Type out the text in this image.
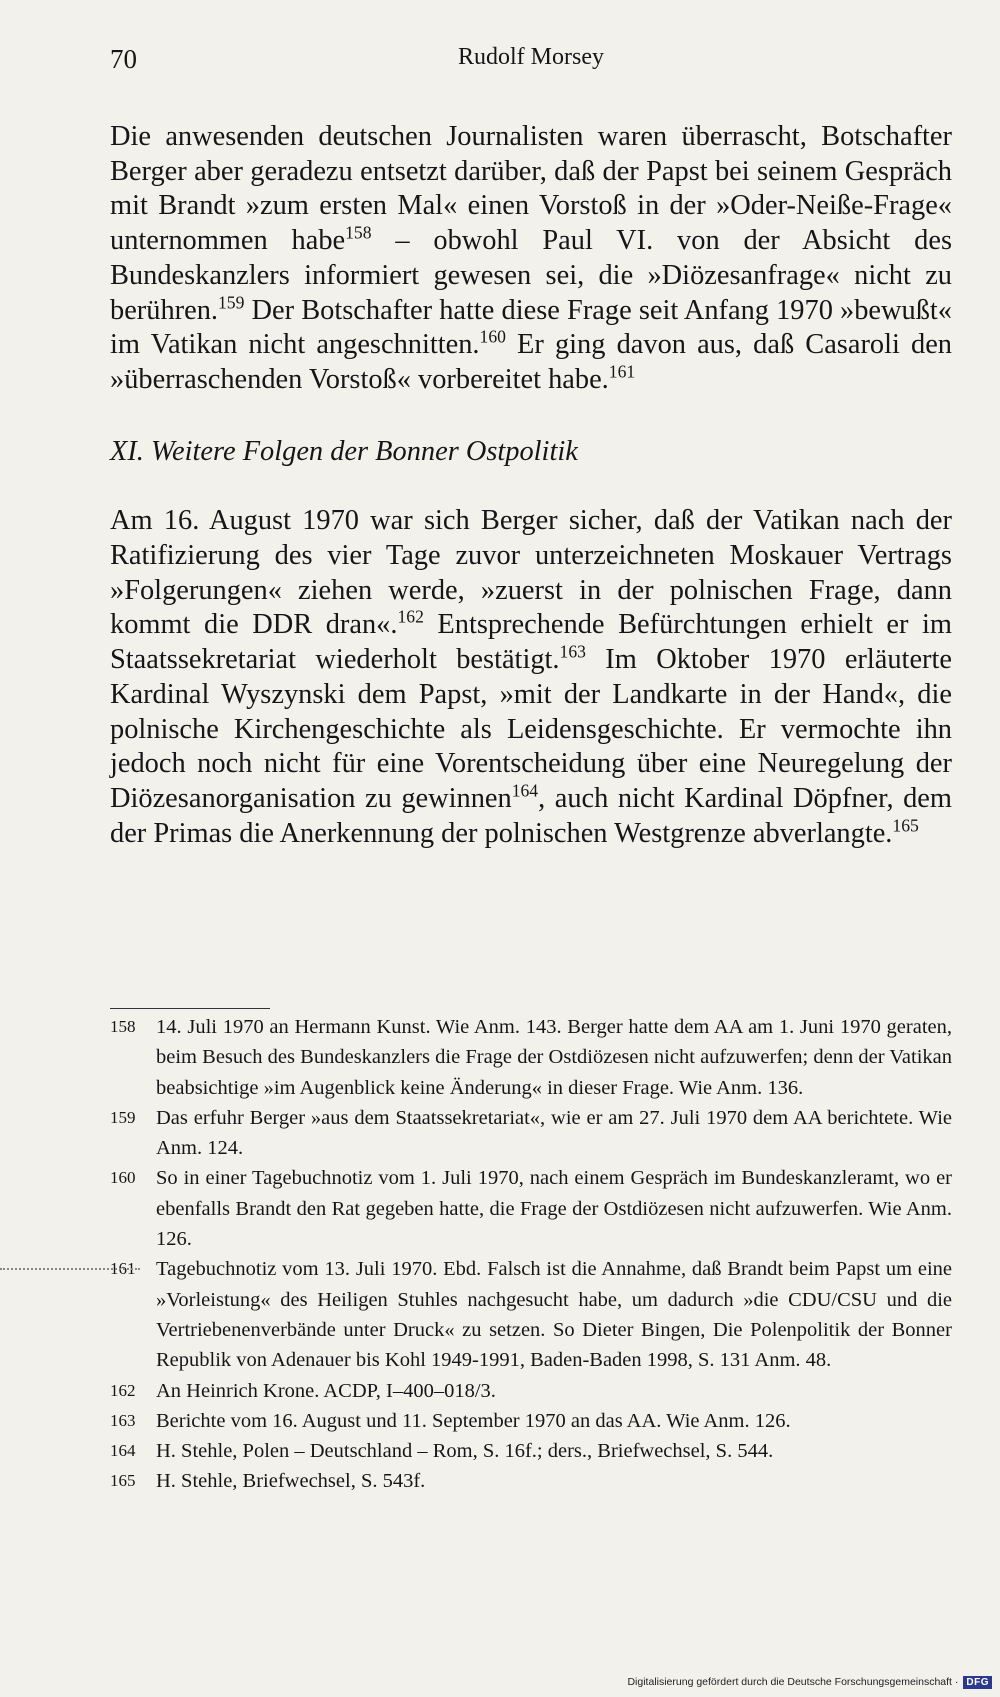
70	Rudolf Morsey

Die anwesenden deutschen Journalisten waren überrascht, Botschafter Berger aber geradezu entsetzt darüber, daß der Papst bei seinem Gespräch mit Brandt »zum ersten Mal« einen Vorstoß in der »Oder-Neiße-Frage« unternommen habe$^{158}$ – obwohl Paul VI. von der Absicht des Bundeskanzlers informiert gewesen sei, die »Diözesanfrage« nicht zu berühren.$^{159}$ Der Botschafter hatte diese Frage seit Anfang 1970 »bewußt« im Vatikan nicht angeschnitten.$^{160}$ Er ging davon aus, daß Casaroli den »überraschenden Vorstoß« vorbereitet habe.$^{161}$

XI. Weitere Folgen der Bonner Ostpolitik

Am 16. August 1970 war sich Berger sicher, daß der Vatikan nach der Ratifizierung des vier Tage zuvor unterzeichneten Moskauer Vertrags »Folgerungen« ziehen werde, »zuerst in der polnischen Frage, dann kommt die DDR dran«.$^{162}$ Entsprechende Befürchtungen erhielt er im Staatssekretariat wiederholt bestätigt.$^{163}$ Im Oktober 1970 erläuterte Kardinal Wyszynski dem Papst, »mit der Landkarte in der Hand«, die polnische Kirchengeschichte als Leidensgeschichte. Er vermochte ihn jedoch noch nicht für eine Vorentscheidung über eine Neuregelung der Diözesanorganisation zu gewinnen$^{164}$, auch nicht Kardinal Döpfner, dem der Primas die Anerkennung der polnischen Westgrenze abverlangte.$^{165}$

158 14. Juli 1970 an Hermann Kunst. Wie Anm. 143. Berger hatte dem AA am 1. Juni 1970 geraten, beim Besuch des Bundeskanzlers die Frage der Ostdiözesen nicht aufzuwerfen; denn der Vatikan beabsichtige »im Augenblick keine Änderung« in dieser Frage. Wie Anm. 136.
159 Das erfuhr Berger »aus dem Staatssekretariat«, wie er am 27. Juli 1970 dem AA berichtete. Wie Anm. 124.
160 So in einer Tagebuchnotiz vom 1. Juli 1970, nach einem Gespräch im Bundeskanzleramt, wo er ebenfalls Brandt den Rat gegeben hatte, die Frage der Ostdiözesen nicht aufzuwerfen. Wie Anm. 126.
161 Tagebuchnotiz vom 13. Juli 1970. Ebd. Falsch ist die Annahme, daß Brandt beim Papst um eine »Vorleistung« des Heiligen Stuhles nachgesucht habe, um dadurch »die CDU/CSU und die Vertriebenenverbände unter Druck« zu setzen. So Dieter Bingen, Die Polenpolitik der Bonner Republik von Adenauer bis Kohl 1949-1991, Baden-Baden 1998, S. 131 Anm. 48.
162 An Heinrich Krone. ACDP, I–400–018/3.
163 Berichte vom 16. August und 11. September 1970 an das AA. Wie Anm. 126.
164 H. Stehle, Polen – Deutschland – Rom, S. 16f.; ders., Briefwechsel, S. 544.
165 H. Stehle, Briefwechsel, S. 543f.
Digitalisierung gefördert durch die Deutsche Forschungsgemeinschaft · DFG
